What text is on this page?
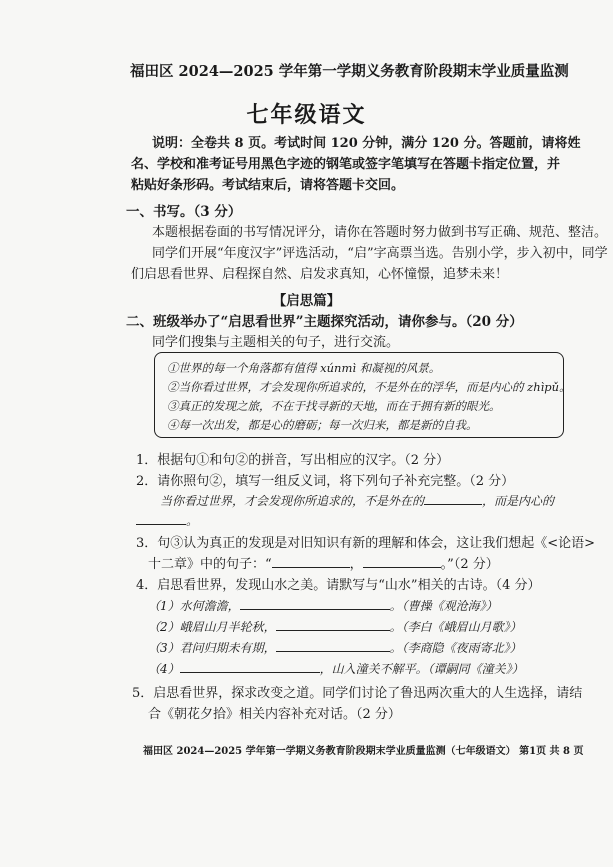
福田区 2024—2025 学年第一学期义务教育阶段期末学业质量监测
七年级语文
说明：全卷共 8 页。考试时间 120 分钟，满分 120 分。答题前，请将姓
名、学校和准考证号用黑色字迹的钢笔或签字笔填写在答题卡指定位置，并
粘贴好条形码。考试结束后，请将答题卡交回。
一、书写。（3 分）
本题根据卷面的书写情况评分，请你在答题时努力做到书写正确、规范、整洁。
同学们开展“年度汉字”评选活动，“启”字高票当选。告别小学，步入初中，同学
们启思看世界、启程探自然、启发求真知，心怀憧憬，追梦未来！
【启思篇】
二、班级举办了“启思看世界”主题探究活动，请你参与。（20 分）
同学们搜集与主题相关的句子，进行交流。
①世界的每一个角落都有值得 xúnmì 和凝视的风景。
②当你看过世界，才会发现你所追求的，不是外在的浮华，而是内心的 zhìpǔ。
③真正的发现之旅，不在于找寻新的天地，而在于拥有新的眼光。
④每一次出发，都是心的磨砺；每一次归来，都是新的自我。
1．根据句①和句②的拼音，写出相应的汉字。（2 分）
2．请你照句②，填写一组反义词，将下列句子补充完整。（2 分）
当你看过世界，才会发现你所追求的，不是外在的	，而是内心的
。
3．句③认为真正的发现是对旧知识有新的理解和体会，这让我们想起《<论语>
十二章》中的句子：“	，	。”（2 分）
4．启思看世界，发现山水之美。请默写与“山水”相关的古诗。（4 分）
（1）水何澹澹，	。（曹操《观沧海》）
（2）峨眉山月半轮秋，	。（李白《峨眉山月歌》）
（3）君问归期未有期，	。（李商隐《夜雨寄北》）
（4）	，山入潼关不解平。（谭嗣同《潼关》）
5．启思看世界，探求改变之道。同学们讨论了鲁迅两次重大的人生选择，请结
合《朝花夕拾》相关内容补充对话。（2 分）
福田区 2024—2025 学年第一学期义务教育阶段期末学业质量监测（七年级语文） 第1页 共 8 页
